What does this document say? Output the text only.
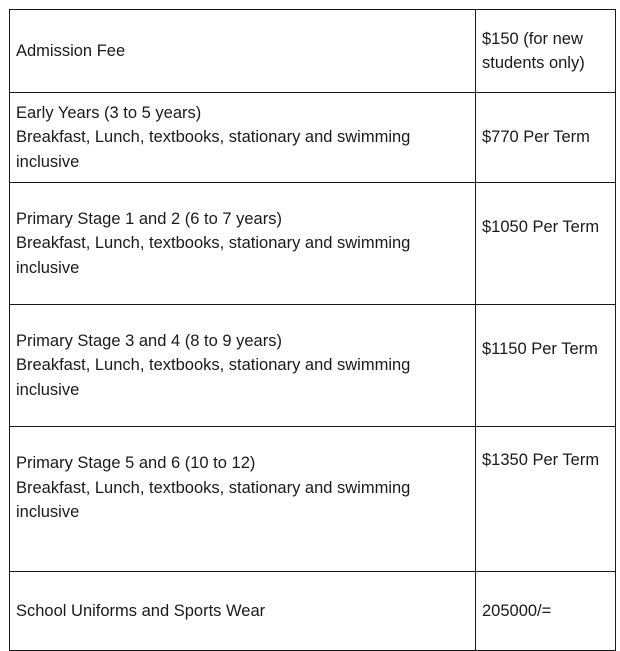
Admission Fee	$150 (for new students only)

Early Years (3 to 5 years)
Breakfast, Lunch, textbooks, stationary and swimming inclusive	$770 Per Term

Primary Stage 1 and 2 (6 to 7 years)
Breakfast, Lunch, textbooks, stationary and swimming inclusive	$1050 Per Term

Primary Stage 3 and 4 (8 to 9 years)
Breakfast, Lunch, textbooks, stationary and swimming inclusive	$1150 Per Term

Primary Stage 5 and 6 (10 to 12)
Breakfast, Lunch, textbooks, stationary and swimming inclusive	$1350 Per Term

School Uniforms and Sports Wear	205000/=
